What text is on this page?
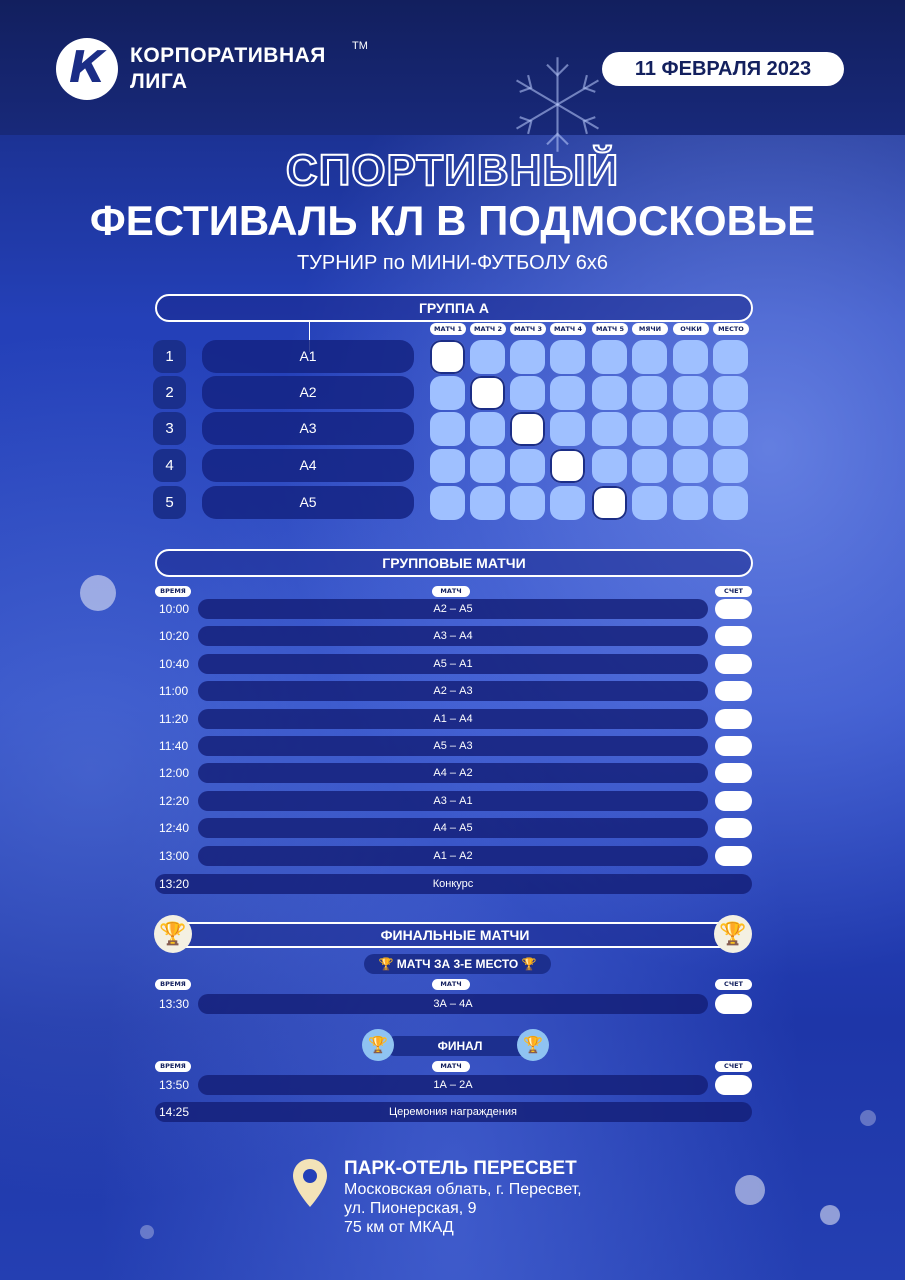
К	КОРПОРАТИВНАЯ
ЛИГА
TM
11 ФЕВРАЛЯ 2023
СПОРТИВНЫЙ
ФЕСТИВАЛЬ КЛ В ПОДМОСКОВЬЕ
ТУРНИР по МИНИ-ФУТБОЛУ 6х6
ГРУППА А
ГРУППОВЫЕ МАТЧИ
ВРЕМЯ	МАТЧ	СЧЕТ
13:20	Конкурс
ФИНАЛЬНЫЕ МАТЧИ
🏆	🏆
🏆 МАТЧ ЗА 3-Е МЕСТО 🏆
ВРЕМЯ	МАТЧ	СЧЕТ
13:30	3А – 4А
ФИНАЛ
🏆	🏆
ВРЕМЯ	МАТЧ	СЧЕТ
13:50	1А – 2А
14:25	Церемония награждения
ПАРК-ОТЕЛЬ ПЕРЕСВЕТ
Московская облать, г. Пересвет,
ул. Пионерская, 9
75 км от МКАД
МАТЧ 1	МАТЧ 2	МАТЧ 3	МАТЧ 4	МАТЧ 5	МЯЧИ	ОЧКИ	МЕСТО
1	А1
2	А2
3	А3
4	А4
5	А5
10:00	А2 – А5
10:20	А3 – А4
10:40	А5 – А1
11:00	А2 – А3
11:20	А1 – А4
11:40	А5 – А3
12:00	А4 – А2
12:20	А3 – А1
12:40	А4 – А5
13:00	А1 – А2
